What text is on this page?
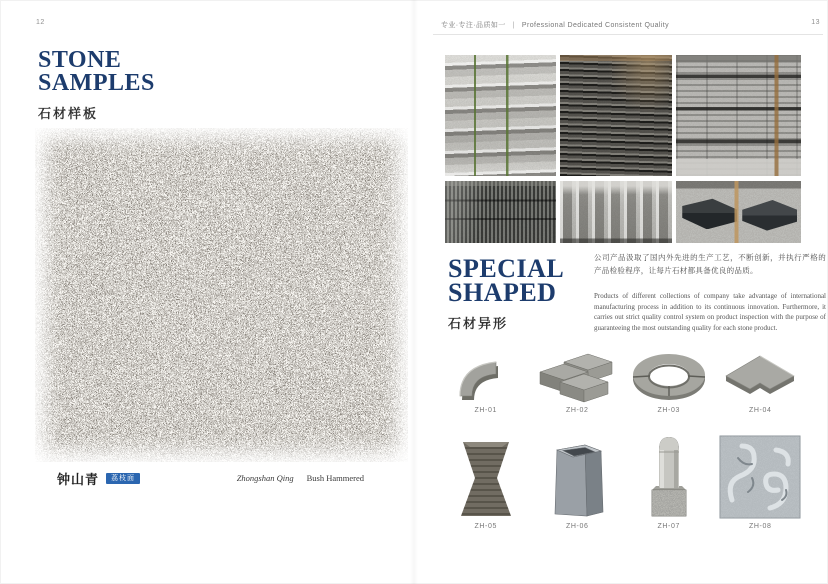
12
STONE
SAMPLES
石材样板
钟山青	荔枝面	Zhongshan Qing Bush Hammered
专业·专注·品质如一 | Professional Dedicated Consistent Quality	13
SPECIAL
SHAPED
石材异形
公司产品汲取了国内外先进的生产工艺，不断创新，并执行严格的产品检验程序，让每片石材都具备优良的品质。
Products of different collections of company take advantage of international manufacturing process in addition to its continuous innovation. Furthermore, it carries out strict quality control system on product inspection with the purpose of guaranteeing the most outstanding quality for each stone product.
ZH-01	ZH-02	ZH-03	ZH-04
ZH-05	ZH-06	ZH-07	ZH-08
